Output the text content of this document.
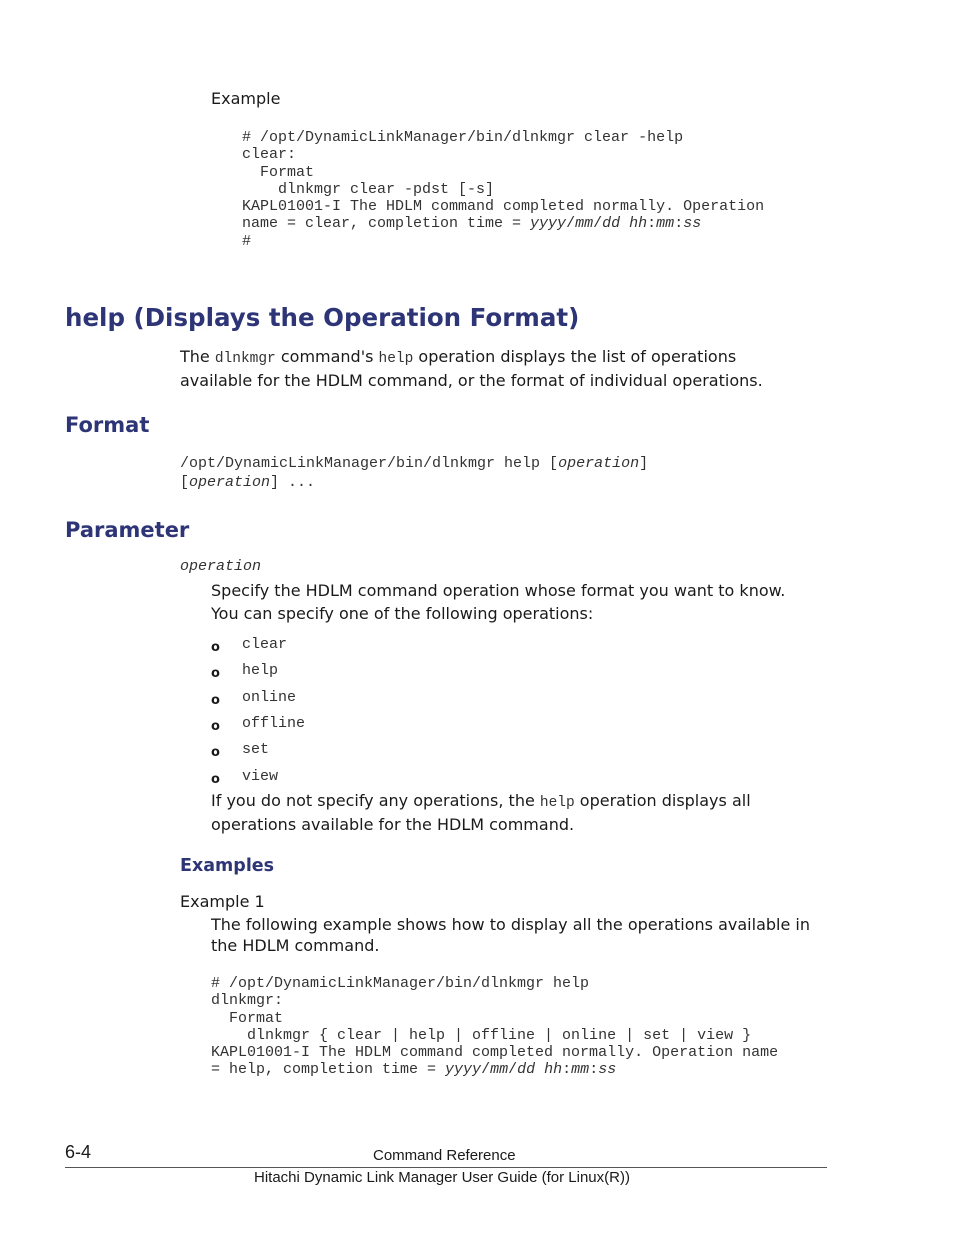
Example
# /opt/DynamicLinkManager/bin/dlnkmgr clear -help
clear:
Format
dlnkmgr clear -pdst [-s]
KAPL01001-I The HDLM command completed normally. Operation
name = clear, completion time = yyyy/mm/dd hh:mm:ss
#
help (Displays the Operation Format)
The dlnkmgr command's help operation displays the list of operations
available for the HDLM command, or the format of individual operations.
Format
/opt/DynamicLinkManager/bin/dlnkmgr help [operation]
[operation] ...
Parameter
operation
Specify the HDLM command operation whose format you want to know.
You can specify one of the following operations:
o clear
o help
o online
o offline
o set
o view
If you do not specify any operations, the help operation displays all
operations available for the HDLM command.
Examples
Example 1
The following example shows how to display all the operations available in
the HDLM command.
# /opt/DynamicLinkManager/bin/dlnkmgr help
dlnkmgr:
Format
dlnkmgr { clear | help | offline | online | set | view }
KAPL01001-I The HDLM command completed normally. Operation name
= help, completion time = yyyy/mm/dd hh:mm:ss
6-4	Command Reference
Hitachi Dynamic Link Manager User Guide (for Linux(R))
